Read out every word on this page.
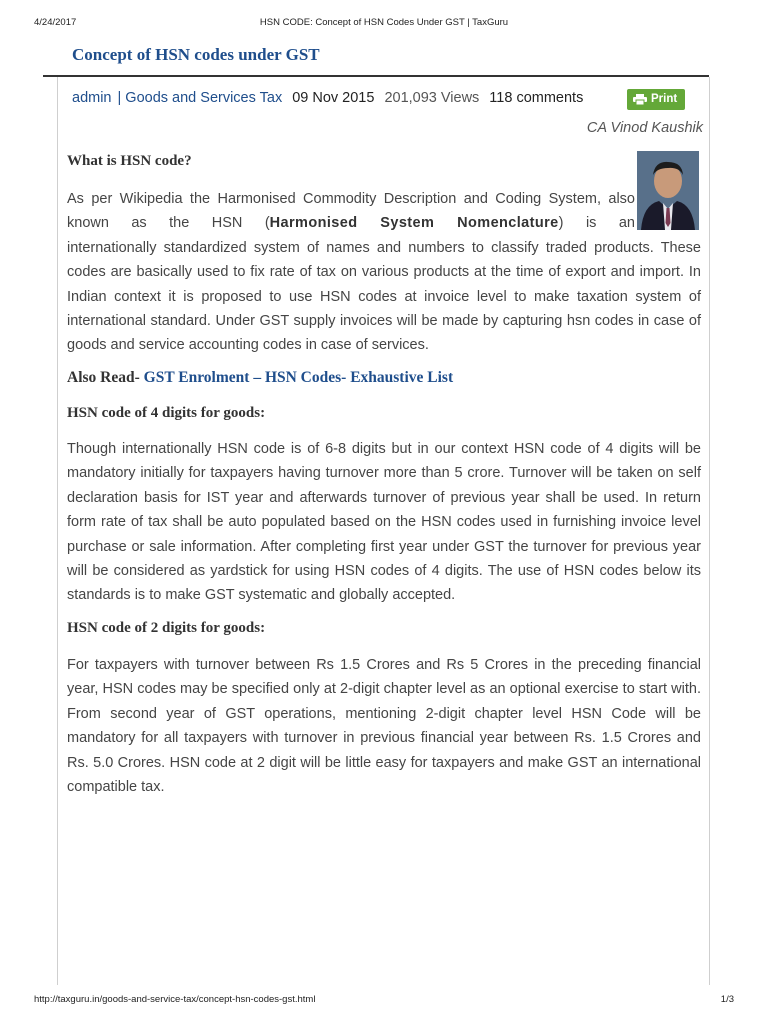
4/24/2017	HSN CODE: Concept of HSN Codes Under GST | TaxGuru
Concept of HSN codes under GST
admin | Goods and Services Tax 09 Nov 2015 201,093 Views 118 comments	Print
CA Vinod Kaushik
What is HSN code?
As per Wikipedia the Harmonised Commodity Description and Coding System, also known as the HSN (Harmonised System Nomenclature) is an
internationally standardized system of names and numbers to classify traded products. These codes are basically used to fix rate of tax on various products at the time of export and import. In Indian context it is proposed to use HSN codes at invoice level to make taxation system of international standard. Under GST supply invoices will be made by capturing hsn codes in case of goods and service accounting codes in case of services.
Also Read- GST Enrolment – HSN Codes- Exhaustive List
HSN code of 4 digits for goods:

Though internationally HSN code is of 6-8 digits but in our context HSN code of 4 digits will be mandatory initially for taxpayers having turnover more than 5 crore. Turnover will be taken on self declaration basis for IST year and afterwards turnover of previous year shall be used. In return form rate of tax shall be auto populated based on the HSN codes used in furnishing invoice level purchase or sale information. After completing first year under GST the turnover for previous year will be considered as yardstick for using HSN codes of 4 digits. The use of HSN codes below its standards is to make GST systematic and globally accepted.

HSN code of 2 digits for goods:

For taxpayers with turnover between Rs 1.5 Crores and Rs 5 Crores in the preceding financial year, HSN codes may be specified only at 2-digit chapter level as an optional exercise to start with. From second year of GST operations, mentioning 2-digit chapter level HSN Code will be mandatory for all taxpayers with turnover in previous financial year between Rs. 1.5 Crores and Rs. 5.0 Crores. HSN code at 2 digit will be little easy for taxpayers and make GST an international compatible tax.

http://taxguru.in/goods-and-service-tax/concept-hsn-codes-gst.html	1/3
